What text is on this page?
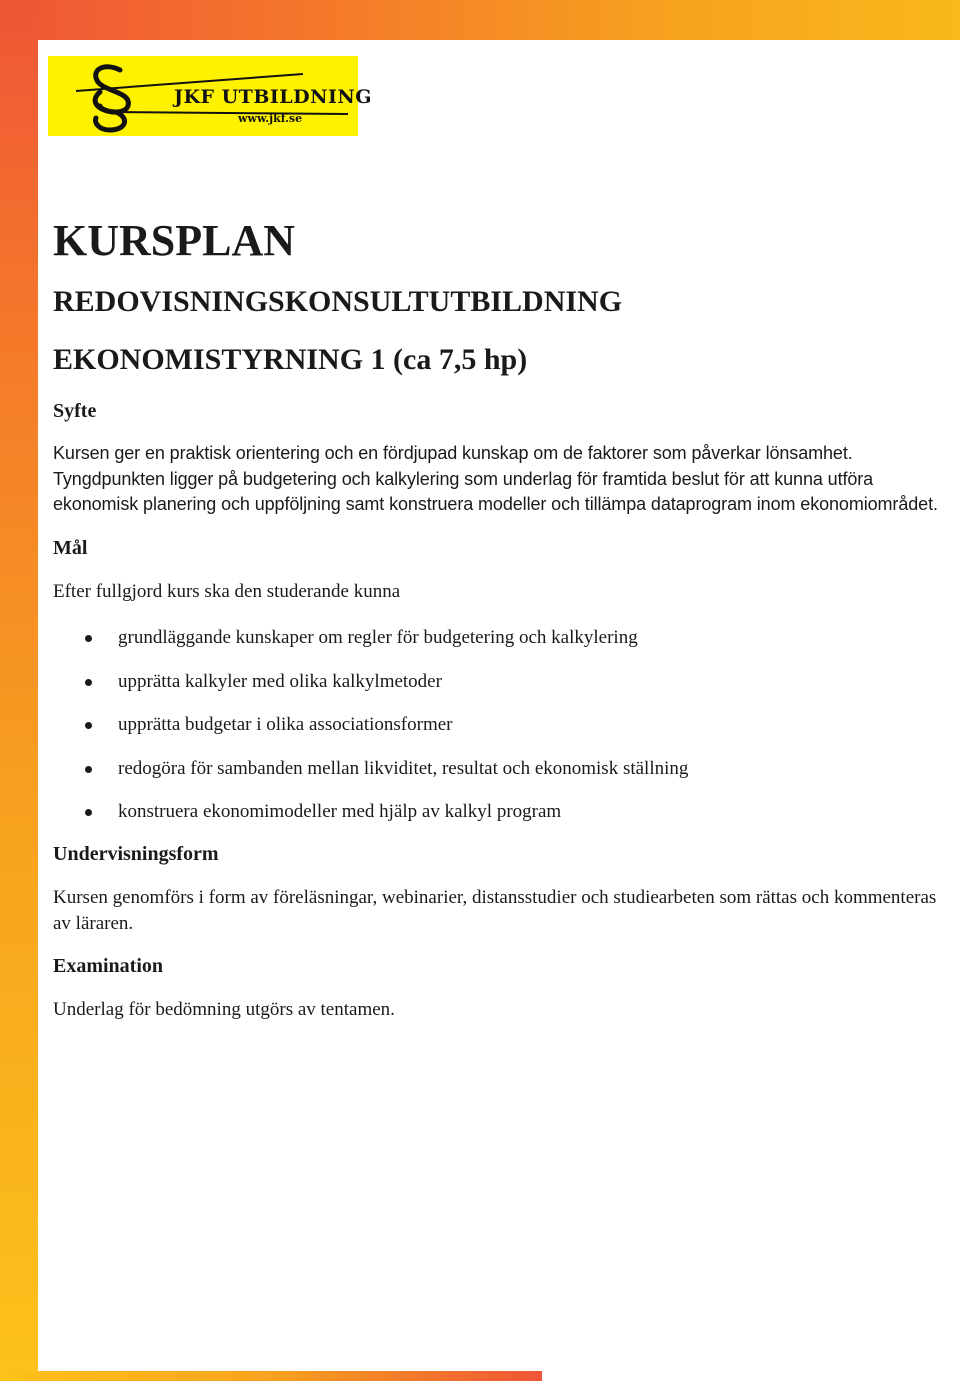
JKF UTBILDNING
www.jkf.se
KURSPLAN
REDOVISNINGSKONSULTUTBILDNING
EKONOMISTYRNING 1 (ca 7,5 hp)
Syfte

Kursen ger en praktisk orientering och en fördjupad kunskap om de faktorer som påverkar lönsamhet. Tyngdpunkten ligger på budgetering och kalkylering som underlag för framtida beslut för att kunna utföra ekonomisk planering och uppföljning samt konstruera modeller och tillämpa dataprogram inom ekonomiområdet.

Mål

Efter fullgjord kurs ska den studerande kunna

grundläggande kunskaper om regler för budgetering och kalkylering
upprätta kalkyler med olika kalkylmetoder
upprätta budgetar i olika associationsformer
redogöra för sambanden mellan likviditet, resultat och ekonomisk ställning
konstruera ekonomimodeller med hjälp av kalkyl program
Undervisningsform

Kursen genomförs i form av föreläsningar, webinarier, distansstudier och studiearbeten som rättas och kommenteras av läraren.

Examination

Underlag för bedömning utgörs av tentamen.
